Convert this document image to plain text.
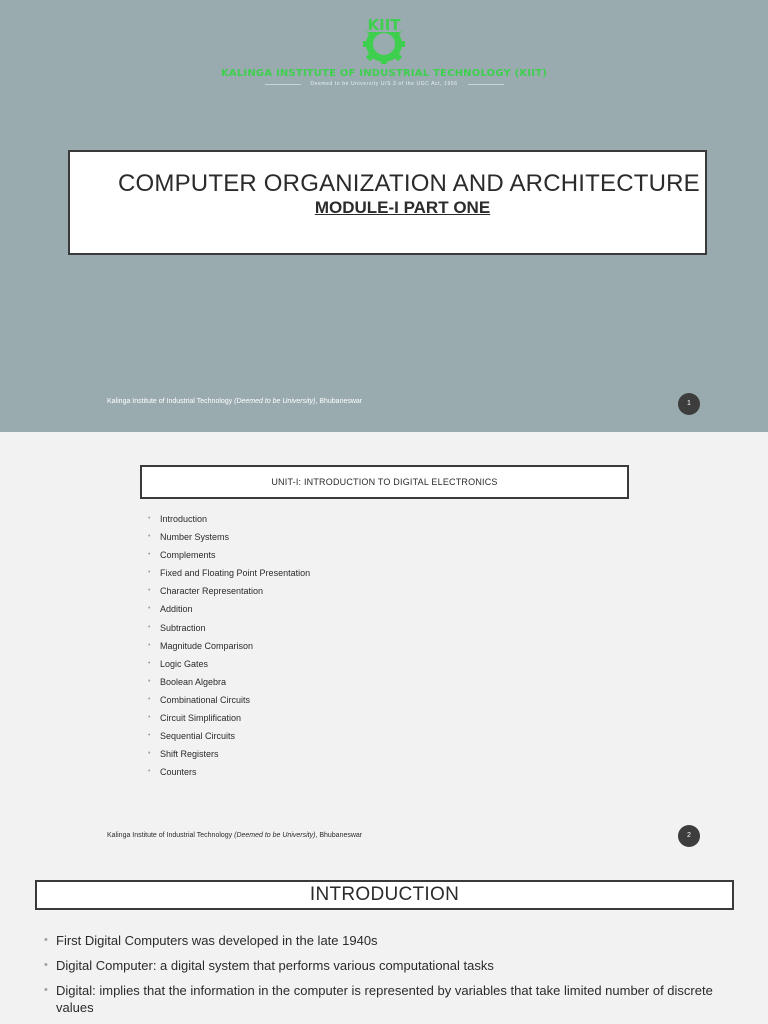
KIIT
KALINGA INSTITUTE OF INDUSTRIAL TECHNOLOGY (KIIT)
Deemed to be University U/S 3 of the UGC Act, 1956
COMPUTER ORGANIZATION AND ARCHITECTURE
MODULE-I PART ONE
Kalinga Institute of Industrial Technology (Deemed to be University), Bhubaneswar	1
UNIT-I: INTRODUCTION TO DIGITAL ELECTRONICS
• Introduction
• Number Systems
• Complements
• Fixed and Floating Point Presentation
• Character Representation
• Addition
• Subtraction
• Magnitude Comparison
• Logic Gates
• Boolean Algebra
• Combinational Circuits
• Circuit Simplification
• Sequential Circuits
• Shift Registers
• Counters
Kalinga Institute of Industrial Technology (Deemed to be University), Bhubaneswar	2
INTRODUCTION
• First Digital Computers was developed in the late 1940s
• Digital Computer: a digital system that performs various computational tasks
• Digital: implies that the information in the computer is represented by variables that take limited number of discrete values
